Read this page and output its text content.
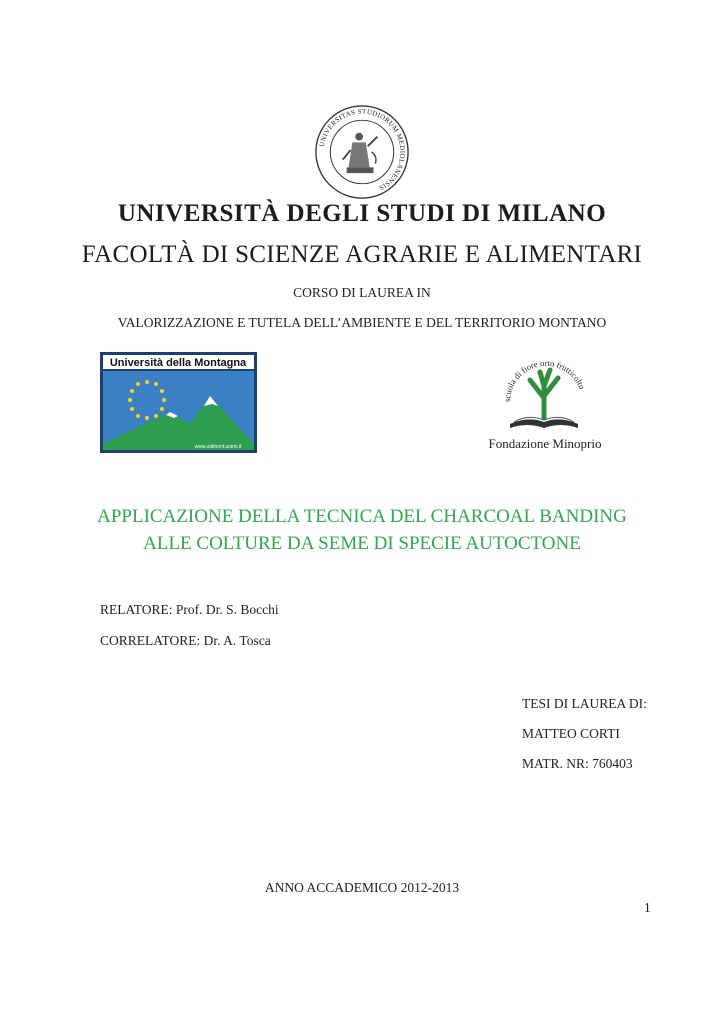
UNIVERSITAS STUDIORUM MEDIOLANENSIS
UNIVERSITÀ DEGLI STUDI DI MILANO
FACOLTÀ DI SCIENZE AGRARIE E ALIMENTARI
CORSO DI LAUREA IN
VALORIZZAZIONE E TUTELA DELL’AMBIENTE E DEL TERRITORIO MONTANO
Università della Montagna
www.valmont.unimi.it
scuola di fiore orto frutticoltu
Fondazione Minoprio
APPLICAZIONE DELLA TECNICA DEL CHARCOAL BANDING
ALLE COLTURE DA SEME DI SPECIE AUTOCTONE
RELATORE: Prof. Dr. S. Bocchi
CORRELATORE: Dr. A. Tosca
TESI DI LAUREA DI:
MATTEO CORTI
MATR. NR: 760403
ANNO ACCADEMICO 2012-2013
1
